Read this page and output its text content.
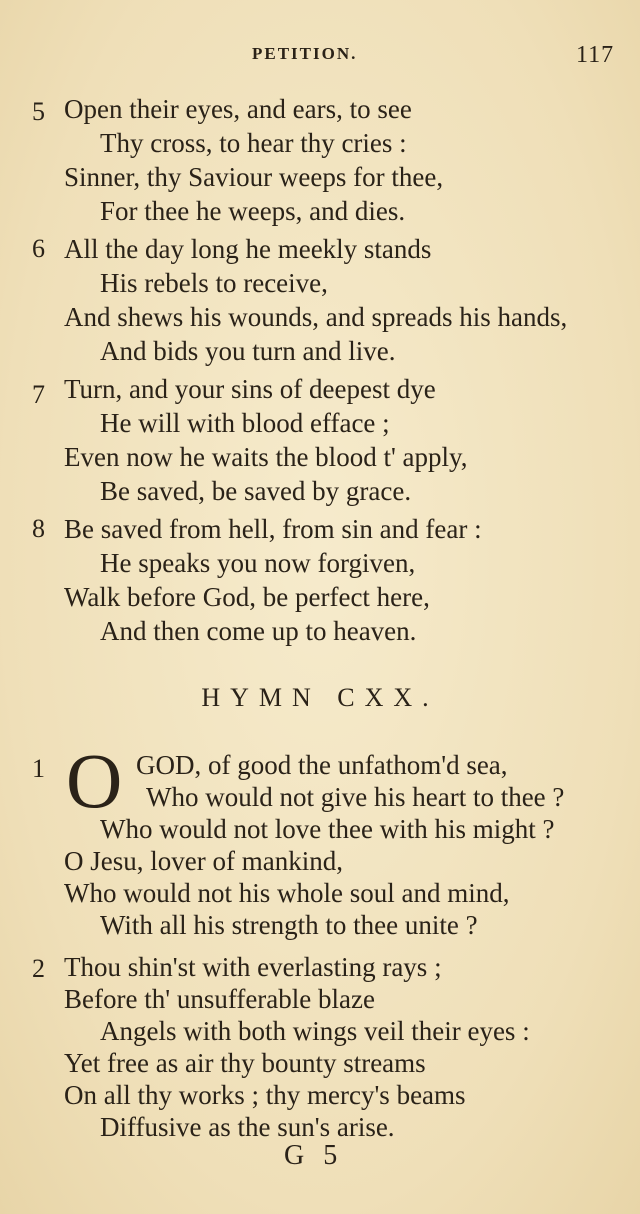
PETITION.	117
5 Open their eyes, and ears, to see
Thy cross, to hear thy cries :
Sinner, thy Saviour weeps for thee,
For thee he weeps, and dies.
6 All the day long he meekly stands
His rebels to receive,
And shews his wounds, and spreads his hands,
And bids you turn and live.
7 Turn, and your sins of deepest dye
He will with blood efface ;
Even now he waits the blood t' apply,
Be saved, be saved by grace.
8 Be saved from hell, from sin and fear :
He speaks you now forgiven,
Walk before God, be perfect here,
And then come up to heaven.
HYMN CXX.
1 O GOD, of good the unfathom'd sea,
Who would not give his heart to thee ?
Who would not love thee with his might ?
O Jesu, lover of mankind,
Who would not his whole soul and mind,
With all his strength to thee unite ?
2 Thou shin'st with everlasting rays ;
Before th' unsufferable blaze
Angels with both wings veil their eyes :
Yet free as air thy bounty streams
On all thy works ; thy mercy's beams
Diffusive as the sun's arise.
G 5
